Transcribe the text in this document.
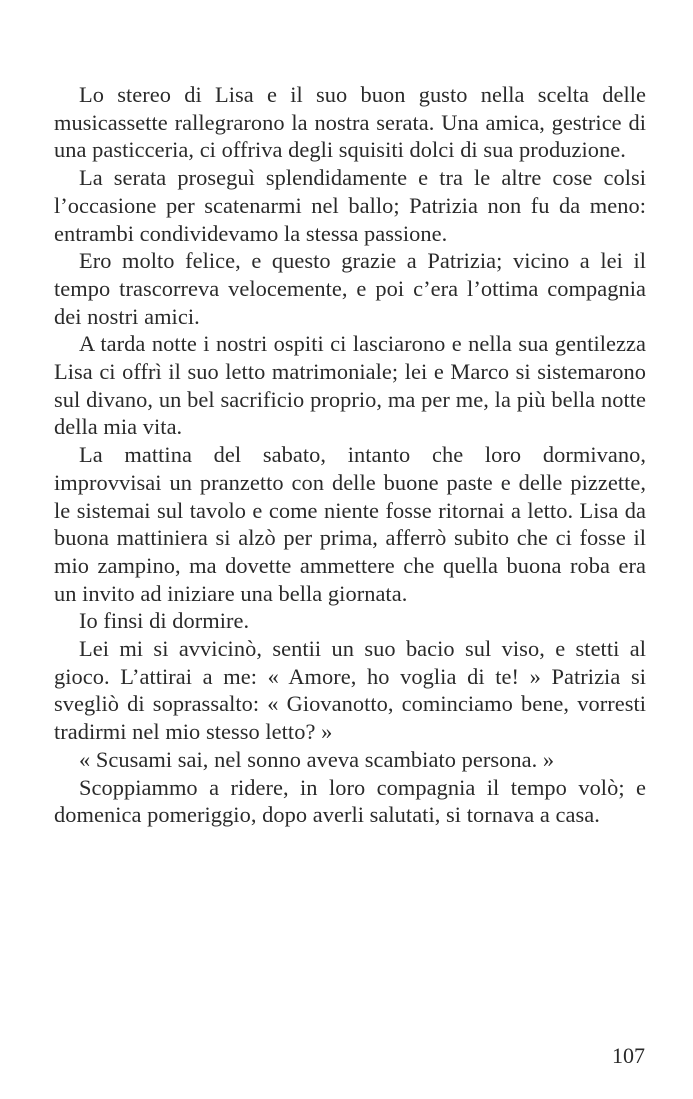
Lo stereo di Lisa e il suo buon gusto nella scelta delle musicassette rallegrarono la nostra serata. Una amica, gestrice di una pasticceria, ci offriva degli squisiti dolci di sua produzione.

La serata proseguì splendidamente e tra le altre cose colsi l’occasione per scatenarmi nel ballo; Patrizia non fu da meno: entrambi condividevamo la stessa passione.

Ero molto felice, e questo grazie a Patrizia; vicino a lei il tempo trascorreva velocemente, e poi c’era l’ottima compagnia dei nostri amici.

A tarda notte i nostri ospiti ci lasciarono e nella sua gentilezza Lisa ci offrì il suo letto matrimoniale; lei e Marco si sistemarono sul divano, un bel sacrificio proprio, ma per me, la più bella notte della mia vita.

La mattina del sabato, intanto che loro dormivano, improvvisai un pranzetto con delle buone paste e delle pizzette, le sistemai sul tavolo e come niente fosse ritornai a letto. Lisa da buona mattiniera si alzò per prima, afferrò subito che ci fosse il mio zampino, ma dovette ammettere che quella buona roba era un invito ad iniziare una bella giornata.

Io finsi di dormire.

Lei mi si avvicinò, sentii un suo bacio sul viso, e stetti al gioco. L’attirai a me: « Amore, ho voglia di te! » Patrizia si svegliò di soprassalto: « Giovanotto, cominciamo bene, vorresti tradirmi nel mio stesso letto? »

« Scusami sai, nel sonno aveva scambiato persona. »

Scoppiammo a ridere, in loro compagnia il tempo volò; e domenica pomeriggio, dopo averli salutati, si tornava a casa.

107
